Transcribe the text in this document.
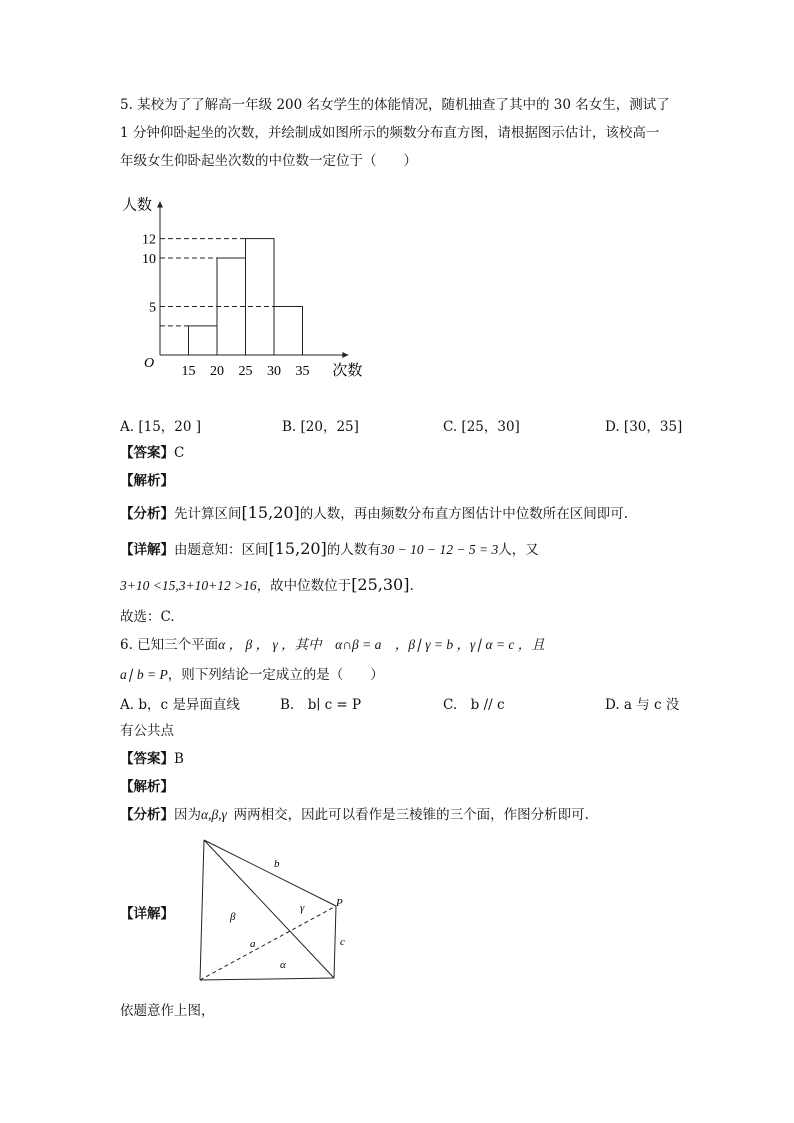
5. 某校为了了解高一年级 200 名女学生的体能情况，随机抽查了其中的 30 名女生，测试了
1 分钟仰卧起坐的次数，并绘制成如图所示的频数分布直方图，请根据图示估计，该校高一
年级女生仰卧起坐次数的中位数一定位于（　　）
5
10
12
15 20 25 30 35
O
人数
次数
A. [15，20 ]	B. [20，25]	C. [25，30]	D. [30，35]
【答案】C
【解析】
【分析】先计算区间[15,20]的人数，再由频数分布直方图估计中位数所在区间即可.
【详解】由题意知：区间[15,20]的人数有30 − 10 − 12 − 5 = 3人，又
3+10 <15,3+10+12 >16，故中位数位于[25,30].
故选：C.
6. 已知三个平面α ， β ， γ ，其中　α∩β = a　，β∣ γ = b ，γ∣ α = c ，且
a∣ b = P，则下列结论一定成立的是（　　）
A. b，c 是异面直线	B.　b∣ c = P	C.　b // c	D. a 与 c 没
有公共点
【答案】B
【解析】
【分析】因为α,β,γ  两两相交，因此可以看作是三棱锥的三个面，作图分析即可.
【详解】
b
γ	P
β
a	c
α
依题意作上图，
